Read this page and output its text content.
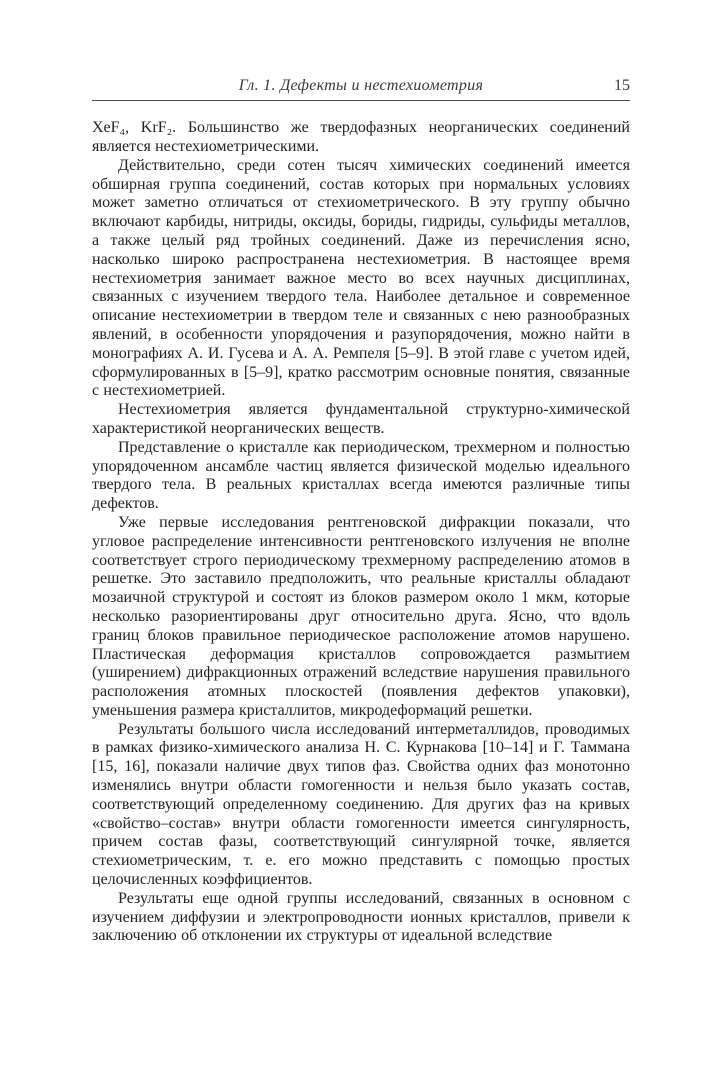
Гл. 1. Дефекты и нестехиометрия	15

XeF₄, KrF₂. Большинство же твердофазных неорганических соединений является нестехиометрическими.

Действительно, среди сотен тысяч химических соединений имеется обширная группа соединений, состав которых при нормальных условиях может заметно отличаться от стехиометрического. В эту группу обычно включают карбиды, нитриды, оксиды, бориды, гидриды, сульфиды металлов, а также целый ряд тройных соединений. Даже из перечисления ясно, насколько широко распространена нестехиометрия. В настоящее время нестехиометрия занимает важное место во всех научных дисциплинах, связанных с изучением твердого тела. Наиболее детальное и современное описание нестехиометрии в твердом теле и связанных с нею разнообразных явлений, в особенности упорядочения и разупорядочения, можно найти в монографиях А. И. Гусева и А. А. Ремпеля [5–9]. В этой главе с учетом идей, сформулированных в [5–9], кратко рассмотрим основные понятия, связанные с нестехиометрией.

Нестехиометрия является фундаментальной структурно-химической характеристикой неорганических веществ.

Представление о кристалле как периодическом, трехмерном и полностью упорядоченном ансамбле частиц является физической моделью идеального твердого тела. В реальных кристаллах всегда имеются различные типы дефектов.

Уже первые исследования рентгеновской дифракции показали, что угловое распределение интенсивности рентгеновского излучения не вполне соответствует строго периодическому трехмерному распределению атомов в решетке. Это заставило предположить, что реальные кристаллы обладают мозаичной структурой и состоят из блоков размером около 1 мкм, которые несколько разориентированы друг относительно друга. Ясно, что вдоль границ блоков правильное периодическое расположение атомов нарушено. Пластическая деформация кристаллов сопровождается размытием (уширением) дифракционных отражений вследствие нарушения правильного расположения атомных плоскостей (появления дефектов упаковки), уменьшения размера кристаллитов, микродеформаций решетки.

Результаты большого числа исследований интерметаллидов, проводимых в рамках физико-химического анализа Н. С. Курнакова [10–14] и Г. Таммана [15, 16], показали наличие двух типов фаз. Свойства одних фаз монотонно изменялись внутри области гомогенности и нельзя было указать состав, соответствующий определенному соединению. Для других фаз на кривых «свойство–состав» внутри области гомогенности имеется сингулярность, причем состав фазы, соответствующий сингулярной точке, является стехиометрическим, т. е. его можно представить с помощью простых целочисленных коэффициентов.

Результаты еще одной группы исследований, связанных в основном с изучением диффузии и электропроводности ионных кристаллов, привели к заключению об отклонении их структуры от идеальной вследствие
